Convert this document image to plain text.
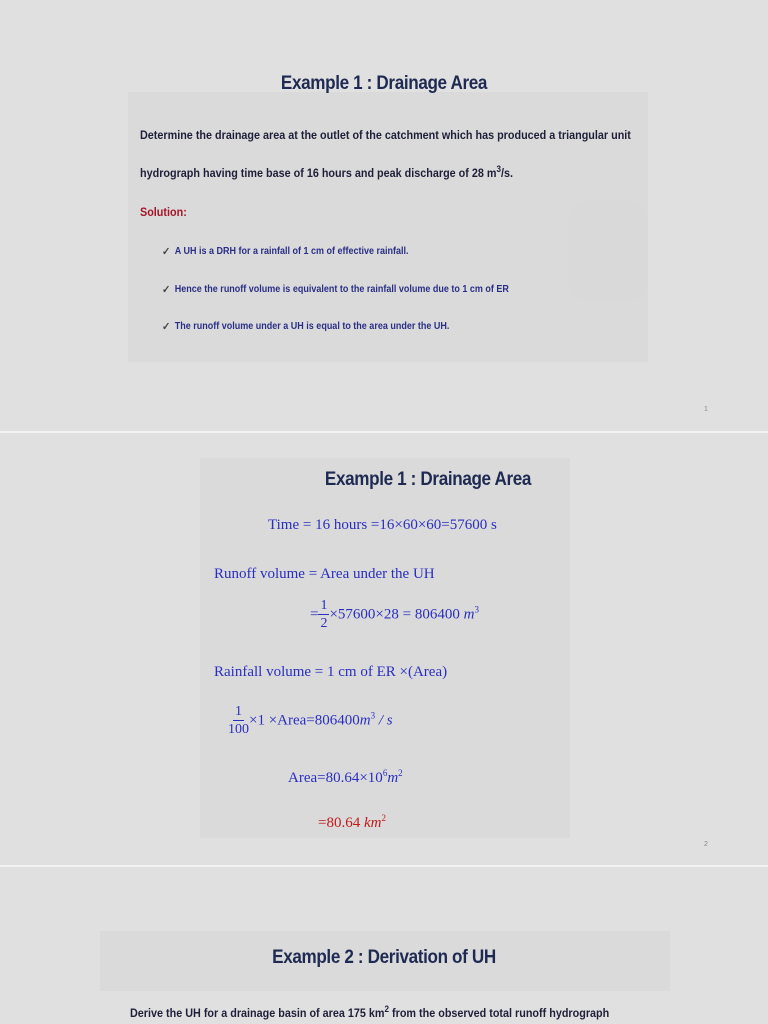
Example 1 : Drainage Area
Determine the drainage area at the outlet of the catchment which has produced a triangular unit
hydrograph having time base of 16 hours and peak discharge of 28 $m^3/s$.
Solution:
✓ A UH is a DRH for a rainfall of 1 cm of effective rainfall.
✓ Hence the runoff volume is equivalent to the rainfall volume due to 1 cm of ER
✓ The runoff volume under a UH is equal to the area under the UH.
1
Example 1 : Drainage Area
Time = 16 hours =16×60×60=57600 s
Runoff volume = Area under the UH
= $\frac{1}{2} \times 57600\times 28 = 806400$ $m^3$
Rainfall volume = 1 cm of ER ×(Area)
$\frac{1}{100} \times 1$ $\times Area=806400m^3 / s$
$Area=80.64\times 10^6m^2$
=80.64 $km^2$
2
Example 2 : Derivation of UH
Derive the UH for a drainage basin of area 175 $km^2$ from the observed total runoff hydrograph
